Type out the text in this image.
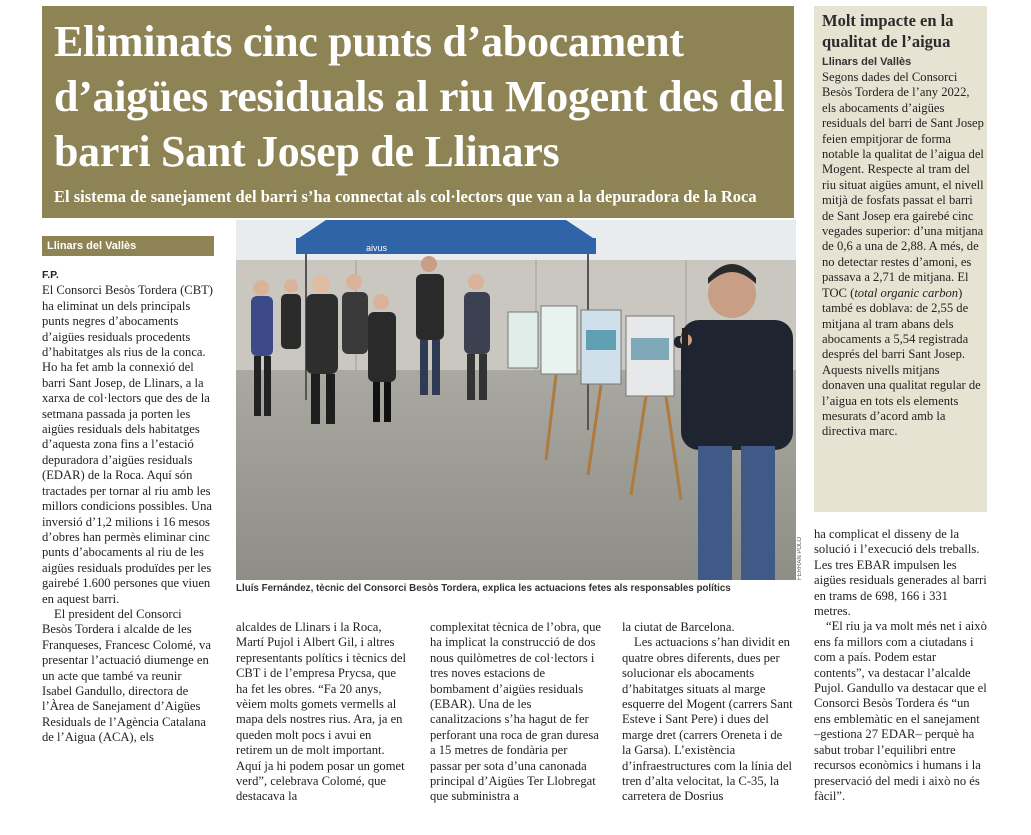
Eliminats cinc punts d’abocament d’aigües residuals al riu Mogent des del barri Sant Josep de Llinars
El sistema de sanejament del barri s’ha connectat als col·lectors que van a la depuradora de la Roca
Molt impacte en la qualitat de l’aigua
Llinars del Vallès
Segons dades del Consorci Besòs Tordera de l’any 2022, els abocaments d’aigües residuals del barri de Sant Josep feien empitjorar de forma notable la qualitat de l’aigua del Mogent. Respecte al tram del riu situat aigües amunt, el nivell mitjà de fosfats passat el barri de Sant Josep era gairebé cinc vegades superior: d’una mitjana de 0,6 a una de 2,88. A més, de no detectar restes d’amoni, es passava a 2,71 de mitjana. El TOC (total organic carbon) també es doblava: de 2,55 de mitjana al tram abans dels abocaments a 5,54 registrada després del barri Sant Josep. Aquests nivells mitjans donaven una qualitat regular de l’aigua en tots els elements mesurats d’acord amb la directiva marc.
Llinars del Vallès	aivus
FERRAN POLO
Lluís Fernández, tècnic del Consorci Besòs Tordera, explica les actuacions fetes als responsables polítics
F.P.

El Consorci Besòs Tordera (CBT) ha eliminat un dels principals punts negres d’abocaments d’aigües residuals procedents d’habitatges als rius de la conca. Ho ha fet amb la connexió del barri Sant Josep, de Llinars, a la xarxa de col·lectors que des de la setmana passada ja porten les aigües residuals dels habitatges d’aquesta zona fins a l’estació depuradora d’aigües residuals (EDAR) de la Roca. Aquí són tractades per tornar al riu amb les millors condicions possibles. Una inversió d’1,2 milions i 16 mesos d’obres han permès eliminar cinc punts d’abocaments al riu de les aigües residuals produïdes per les gairebé 1.600 persones que viuen en aquest barri.

El president del Consorci Besòs Tordera i alcalde de les Franqueses, Francesc Colomé, va presentar l’actuació diumenge en un acte que també va reunir Isabel Gandullo, directora de l’Àrea de Sanejament d’Aigües Residuals de l’Agència Catalana de l’Aigua (ACA), els

alcaldes de Llinars i la Roca, Martí Pujol i Albert Gil, i altres representants polítics i tècnics del CBT i de l’empresa Prycsa, que ha fet les obres. “Fa 20 anys, vèiem molts gomets vermells al mapa dels nostres rius. Ara, ja en queden molt pocs i avui en retirem un de molt important. Aquí ja hi podem posar un gomet verd”, celebrava Colomé, que destacava la

complexitat tècnica de l’obra, que ha implicat la construcció de dos nous quilòmetres de col·lectors i tres noves estacions de bombament d’aigües residuals (EBAR). Una de les canalitzacions s’ha hagut de fer perforant una roca de gran duresa a 15 metres de fondària per passar per sota d’una canonada principal d’Aigües Ter Llobregat que subministra a

la ciutat de Barcelona.

Les actuacions s’han dividit en quatre obres diferents, dues per solucionar els abocaments d’habitatges situats al marge esquerre del Mogent (carrers Sant Esteve i Sant Pere) i dues del marge dret (carrers Oreneta i de la Garsa). L’existència d’infraestructures com la línia del tren d’alta velocitat, la C-35, la carretera de Dosrius

ha complicat el disseny de la solució i l’execució dels treballs. Les tres EBAR impulsen les aigües residuals generades al barri en trams de 698, 166 i 331 metres.

“El riu ja va molt més net i això ens fa millors com a ciutadans i com a país. Podem estar contents”, va destacar l’alcalde Pujol. Gandullo va destacar que el Consorci Besòs Tordera és “un ens emblemàtic en el sanejament –gestiona 27 EDAR– perquè ha sabut trobar l’equilibri entre recursos econòmics i humans i la preservació del medi i això no és fàcil”.
